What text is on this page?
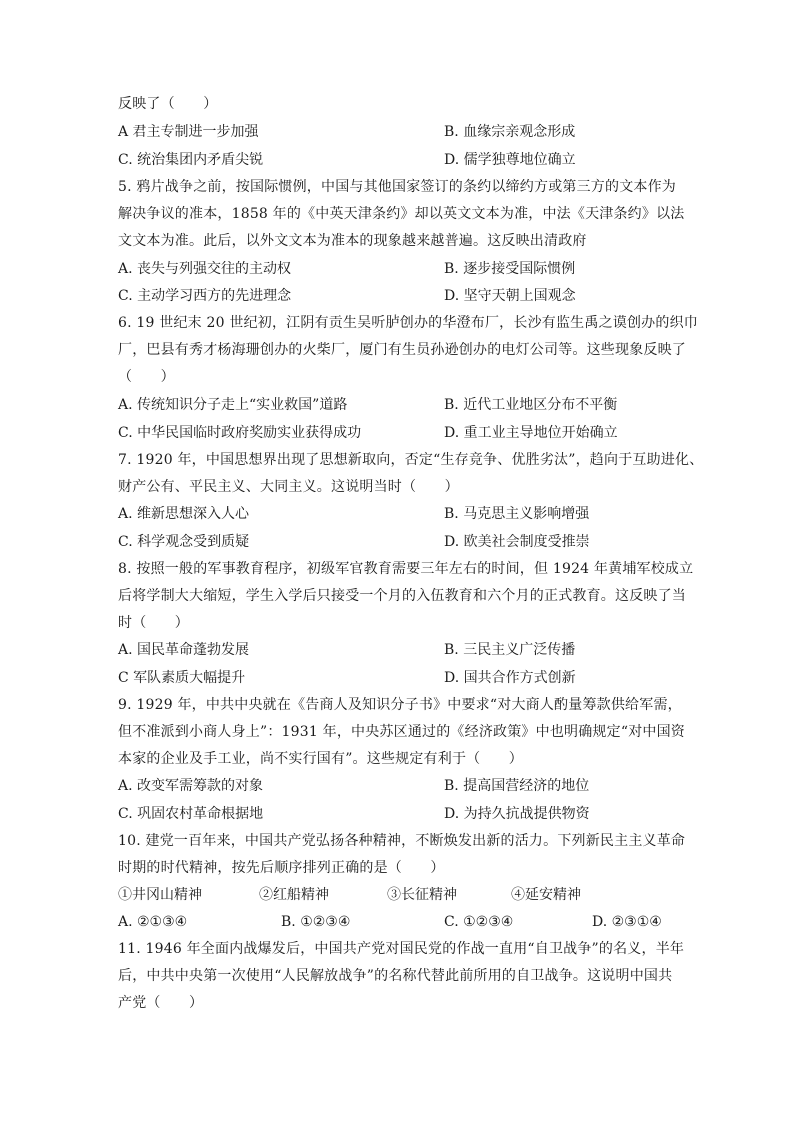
反映了（　　）
A 君主专制进一步加强	B. 血缘宗亲观念形成
C. 统治集团内矛盾尖锐	D. 儒学独尊地位确立
5. 鸦片战争之前，按国际惯例，中国与其他国家签订的条约以缔约方或第三方的文本作为
解决争议的准本，1858 年的《中英天津条约》却以英文文本为准，中法《天津条约》以法
文文本为准。此后，以外文文本为准本的现象越来越普遍。这反映出清政府
A. 丧失与列强交往的主动权	B. 逐步接受国际惯例
C. 主动学习西方的先进理念	D. 坚守天朝上国观念
6. 19 世纪末 20 世纪初，江阴有贡生吴听胪创办的华澄布厂，长沙有监生禹之谟创办的织巾
厂，巴县有秀才杨海珊创办的火柴厂，厦门有生员孙逊创办的电灯公司等。这些现象反映了
（　　）
A. 传统知识分子走上“实业救国”道路	B. 近代工业地区分布不平衡
C. 中华民国临时政府奖励实业获得成功	D. 重工业主导地位开始确立
7. 1920 年，中国思想界出现了思想新取向，否定“生存竞争、优胜劣汰”，趋向于互助进化、
财产公有、平民主义、大同主义。这说明当时（　　）
A. 维新思想深入人心	B. 马克思主义影响增强
C. 科学观念受到质疑	D. 欧美社会制度受推崇
8. 按照一般的军事教育程序，初级军官教育需要三年左右的时间，但 1924 年黄埔军校成立
后将学制大大缩短，学生入学后只接受一个月的入伍教育和六个月的正式教育。这反映了当
时（　　）
A. 国民革命蓬勃发展	B. 三民主义广泛传播
C 军队素质大幅提升	D. 国共合作方式创新
9. 1929 年，中共中央就在《告商人及知识分子书》中要求“对大商人酌量筹款供给军需，
但不准派到小商人身上”：1931 年，中央苏区通过的《经济政策》中也明确规定“对中国资
本家的企业及手工业，尚不实行国有”。这些规定有利于（　　）
A. 改变军需筹款的对象	B. 提高国营经济的地位
C. 巩固农村革命根据地	D. 为持久抗战提供物资
10. 建党一百年来，中国共产党弘扬各种精神，不断焕发出新的活力。下列新民主主义革命
时期的时代精神，按先后顺序排列正确的是（　　）
①井冈山精神	②红船精神	③长征精神	④延安精神
A. ②①③④	B. ①②③④	C. ①②③④	D. ②③①④
11. 1946 年全面内战爆发后，中国共产党对国民党的作战一直用“自卫战争”的名义，半年
后，中共中央第一次使用“人民解放战争”的名称代替此前所用的自卫战争。这说明中国共
产党（　　）
